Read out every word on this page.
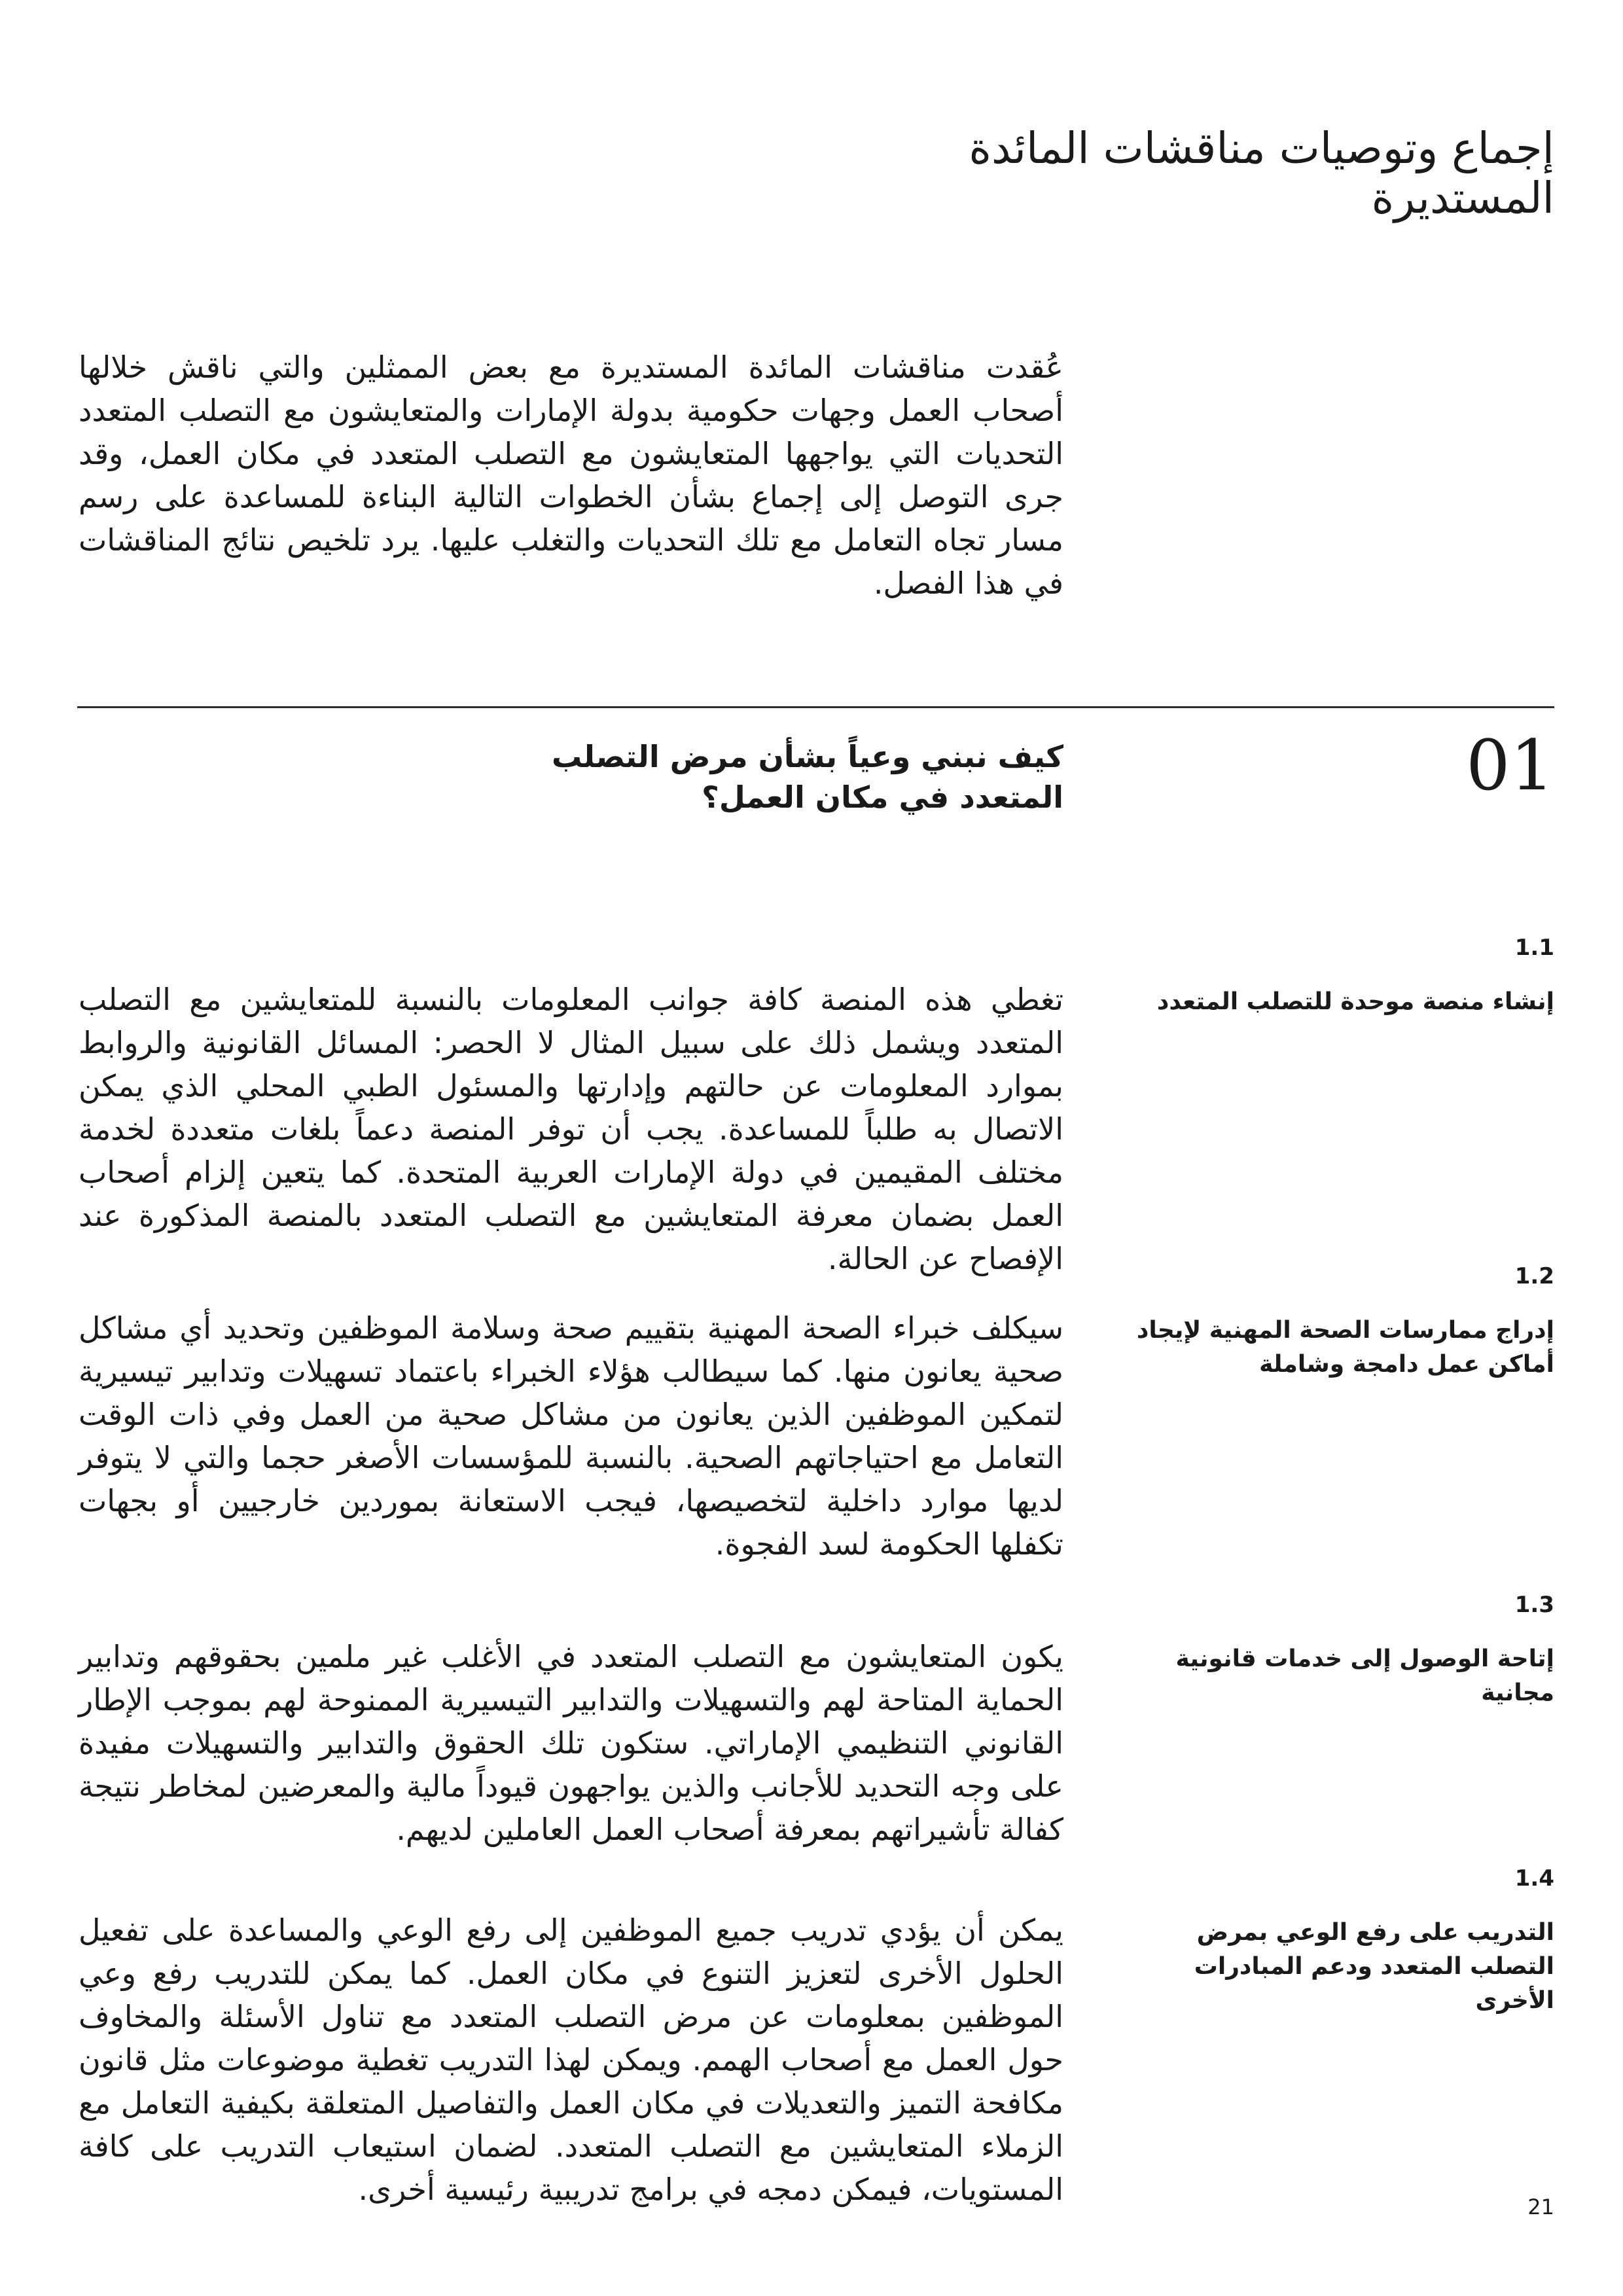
إجماع وتوصيات مناقشات المائدة المستديرة

عُقدت مناقشات المائدة المستديرة مع بعض الممثلين والتي ناقش خلالها أصحاب العمل وجهات حكومية بدولة الإمارات والمتعايشون مع التصلب المتعدد التحديات التي يواجهها المتعايشون مع التصلب المتعدد في مكان العمل، وقد جرى التوصل إلى إجماع بشأن الخطوات التالية البناءة للمساعدة على رسم مسار تجاه التعامل مع تلك التحديات والتغلب عليها. يرد تلخيص نتائج المناقشات في هذا الفصل.

01
كيف نبني وعياً بشأن مرض التصلب المتعدد في مكان العمل؟
1.1
إنشاء منصة موحدة للتصلب المتعدد
تغطي هذه المنصة كافة جوانب المعلومات بالنسبة للمتعايشين مع التصلب المتعدد ويشمل ذلك على سبيل المثال لا الحصر: المسائل القانونية والروابط بموارد المعلومات عن حالتهم وإدارتها والمسئول الطبي المحلي الذي يمكن الاتصال به طلباً للمساعدة. يجب أن توفر المنصة دعماً بلغات متعددة لخدمة مختلف المقيمين في دولة الإمارات العربية المتحدة. كما يتعين إلزام أصحاب العمل بضمان معرفة المتعايشين مع التصلب المتعدد بالمنصة المذكورة عند الإفصاح عن الحالة.	1.2
إدراج ممارسات الصحة المهنية لإيجاد أماكن عمل دامجة وشاملة
سيكلف خبراء الصحة المهنية بتقييم صحة وسلامة الموظفين وتحديد أي مشاكل صحية يعانون منها. كما سيطالب هؤلاء الخبراء باعتماد تسهيلات وتدابير تيسيرية لتمكين الموظفين الذين يعانون من مشاكل صحية من العمل وفي ذات الوقت التعامل مع احتياجاتهم الصحية. بالنسبة للمؤسسات الأصغر حجما والتي لا يتوفر لديها موارد داخلية لتخصيصها، فيجب الاستعانة بموردين خارجيين أو بجهات تكفلها الحكومة لسد الفجوة.
1.3
إتاحة الوصول إلى خدمات قانونية مجانية
يكون المتعايشون مع التصلب المتعدد في الأغلب غير ملمين بحقوقهم وتدابير الحماية المتاحة لهم والتسهيلات والتدابير التيسيرية الممنوحة لهم بموجب الإطار القانوني التنظيمي الإماراتي. ستكون تلك الحقوق والتدابير والتسهيلات مفيدة على وجه التحديد للأجانب والذين يواجهون قيوداً مالية والمعرضين لمخاطر نتيجة كفالة تأشيراتهم بمعرفة أصحاب العمل العاملين لديهم.
1.4
التدريب على رفع الوعي بمرض التصلب المتعدد ودعم المبادرات الأخرى
يمكن أن يؤدي تدريب جميع الموظفين إلى رفع الوعي والمساعدة على تفعيل الحلول الأخرى لتعزيز التنوع في مكان العمل. كما يمكن للتدريب رفع وعي الموظفين بمعلومات عن مرض التصلب المتعدد مع تناول الأسئلة والمخاوف حول العمل مع أصحاب الهمم. ويمكن لهذا التدريب تغطية موضوعات مثل قانون مكافحة التميز والتعديلات في مكان العمل والتفاصيل المتعلقة بكيفية التعامل مع الزملاء المتعايشين مع التصلب المتعدد. لضمان استيعاب التدريب على كافة المستويات، فيمكن دمجه في برامج تدريبية رئيسية أخرى.	21
